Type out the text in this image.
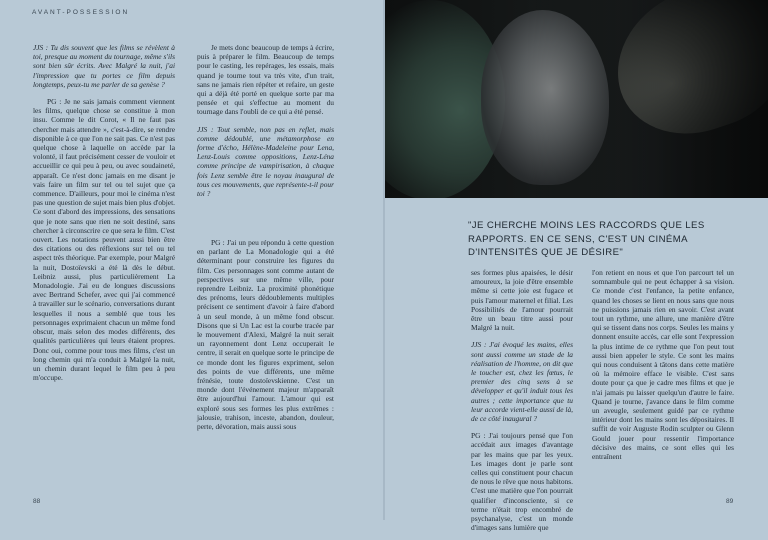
AVANT-POSSESSION

JJS : Tu dis souvent que les films se révèlent à toi, presque au moment du tournage, même s'ils sont bien sûr écrits. Avec Malgré la nuit, j'ai l'impression que tu portes ce film depuis longtemps, peux-tu me parler de sa genèse ?

PG : Je ne sais jamais comment viennent les films, quelque chose se constitue à mon insu. Comme le dit Corot, « Il ne faut pas chercher mais attendre », c'est-à-dire, se rendre disponible à ce que l'on ne sait pas. Ce n'est pas quelque chose à laquelle on accède par la volonté, il faut précisément cesser de vouloir et accueillir ce qui peu à peu, ou avec soudaineté, apparaît. Ce n'est donc jamais en me disant je vais faire un film sur tel ou tel sujet que ça commence. D'ailleurs, pour moi le cinéma n'est pas une question de sujet mais bien plus d'objet. Ce sont d'abord des impressions, des sensations que je note sans que rien ne soit destiné, sans chercher à circonscrire ce que sera le film. C'est ouvert. Les notations peuvent aussi bien être des citations ou des réflexions sur tel ou tel aspect très théorique. Par exemple, pour Malgré la nuit, Dostoïevski a été là dès le début. Leibniz aussi, plus particulièrement La Monadologie. J'ai eu de longues discussions avec Bertrand Schefer, avec qui j'ai commencé à travailler sur le scénario, conversations durant lesquelles il nous a semblé que tous les personnages exprimaient chacun un même fond obscur, mais selon des modes différents, des qualités particulières qui leurs étaient propres. Donc oui, comme pour tous mes films, c'est un long chemin qui m'a conduit à Malgré la nuit, un chemin durant lequel le film peu à peu m'occupe.

Je mets donc beaucoup de temps à écrire, puis à préparer le film. Beaucoup de temps pour le casting, les repérages, les essais, mais quand je tourne tout va très vite, d'un trait, sans ne jamais rien répéter et refaire, un geste qui a déjà été porté en quelque sorte par ma pensée et qui s'effectue au moment du tournage dans l'oubli de ce qui a été pensé.

JJS : Tout semble, non pas en reflet, mais comme dédoublé, une métamorphose en forme d'écho, Hélène-Madeleine pour Lena, Lenz-Louis comme oppositions, Lenz-Léna comme principe de vampirisation, à chaque fois Lenz semble être le noyau inaugural de tous ces mouvements, que représente-t-il pour toi ?

PG : J'ai un peu répondu à cette question en parlant de La Monadologie qui a été déterminant pour construire les figures du film. Ces personnages sont comme autant de perspectives sur une même ville, pour reprendre Leibniz. La proximité phonétique des prénoms, leurs dédoublements multiples précisent ce sentiment d'avoir à faire d'abord à un seul monde, à un même fond obscur. Disons que si Un Lac est la courbe tracée par le mouvement d'Alexi, Malgré la nuit serait un rayonnement dont Lenz occuperait le centre, il serait en quelque sorte le principe de ce monde dont les figures expriment, selon des points de vue différents, une même frénésie, toute dostoïevskienne. C'est un monde dont l'événement majeur m'apparaît être aujourd'hui l'amour. L'amour qui est exploré sous ses formes les plus extrêmes : jalousie, trahison, inceste, abandon, douleur, perte, dévoration, mais aussi sous

88
"JE CHERCHE MOINS LES RACCORDS QUE LES RAPPORTS. EN CE SENS, C'EST UN CINÉMA D'INTENSITÉS QUE JE DÉSIRE"

ses formes plus apaisées, le désir amoureux, la joie d'être ensemble même si cette joie est fugace et puis l'amour maternel et filial. Les Possibilités de l'amour pourrait être un beau titre aussi pour Malgré la nuit.

JJS : J'ai évoqué les mains, elles sont aussi comme un stade de la réalisation de l'homme, on dit que le toucher est, chez les fœtus, le premier des cinq sens à se développer et qu'il induit tous les autres ; cette importance que tu leur accorde vient-elle aussi de là, de ce côté inaugural ?

PG : J'ai toujours pensé que l'on accédait aux images d'avantage par les mains que par les yeux. Les images dont je parle sont celles qui constituent pour chacun de nous le rêve que nous habitons. C'est une matière que l'on pourrait qualifier d'inconsciente, si ce terme n'était trop encombré de psychanalyse, c'est un monde d'images sans lumière que

l'on retient en nous et que l'on parcourt tel un somnambule qui ne peut échapper à sa vision. Ce monde c'est l'enfance, la petite enfance, quand les choses se lient en nous sans que nous ne puissions jamais rien en savoir. C'est avant tout un rythme, une allure, une manière d'être qui se tissent dans nos corps. Seules les mains y donnent ensuite accès, car elle sont l'expression la plus intime de ce rythme que l'on peut tout aussi bien appeler le style. Ce sont les mains qui nous conduisent à tâtons dans cette matière où la mémoire efface le visible. C'est sans doute pour ça que je cadre mes films et que je n'ai jamais pu laisser quelqu'un d'autre le faire. Quand je tourne, j'avance dans le film comme un aveugle, seulement guidé par ce rythme intérieur dont les mains sont les dépositaires. Il suffit de voir Auguste Rodin sculpter ou Glenn Gould jouer pour ressentir l'importance décisive des mains, ce sont elles qui les entraînent

89
